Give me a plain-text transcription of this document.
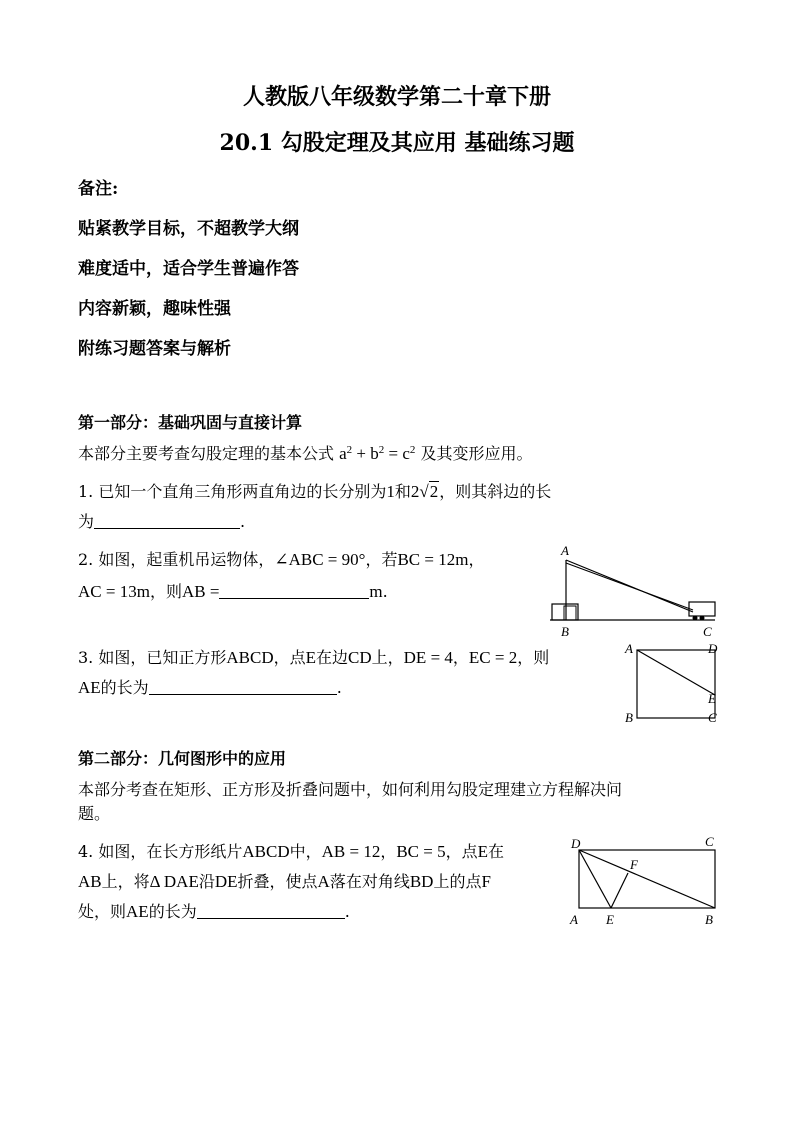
人教版八年级数学第二十章下册
20.1 勾股定理及其应用 基础练习题
备注:
贴紧教学目标，不超教学大纲
难度适中，适合学生普遍作答
内容新颖，趣味性强
附练习题答案与解析
第一部分：基础巩固与直接计算
本部分主要考查勾股定理的基本公式 $a^2 + b^2 = c^2$ 及其变形应用。
1. 已知一个直角三角形两直角边的长分别为1和2√2，则其斜边的长
为	.
2. 如图，起重机吊运物体，∠ABC = 90°，若BC = 12m，
AC = 13m，则AB =	m.
A
B	C
3. 如图，已知正方形ABCD，点E在边CD上，DE = 4，EC = 2，则
AE的长为	.
A	D
E
B	C
第二部分：几何图形中的应用
本部分考查在矩形、正方形及折叠问题中，如何利用勾股定理建立方程解决问
题。
4. 如图，在长方形纸片ABCD中，AB = 12，BC = 5，点E在
AB上，将Δ DAE沿DE折叠，使点A落在对角线BD上的点F
处，则AE的长为	.
D	C
F
A E	B
